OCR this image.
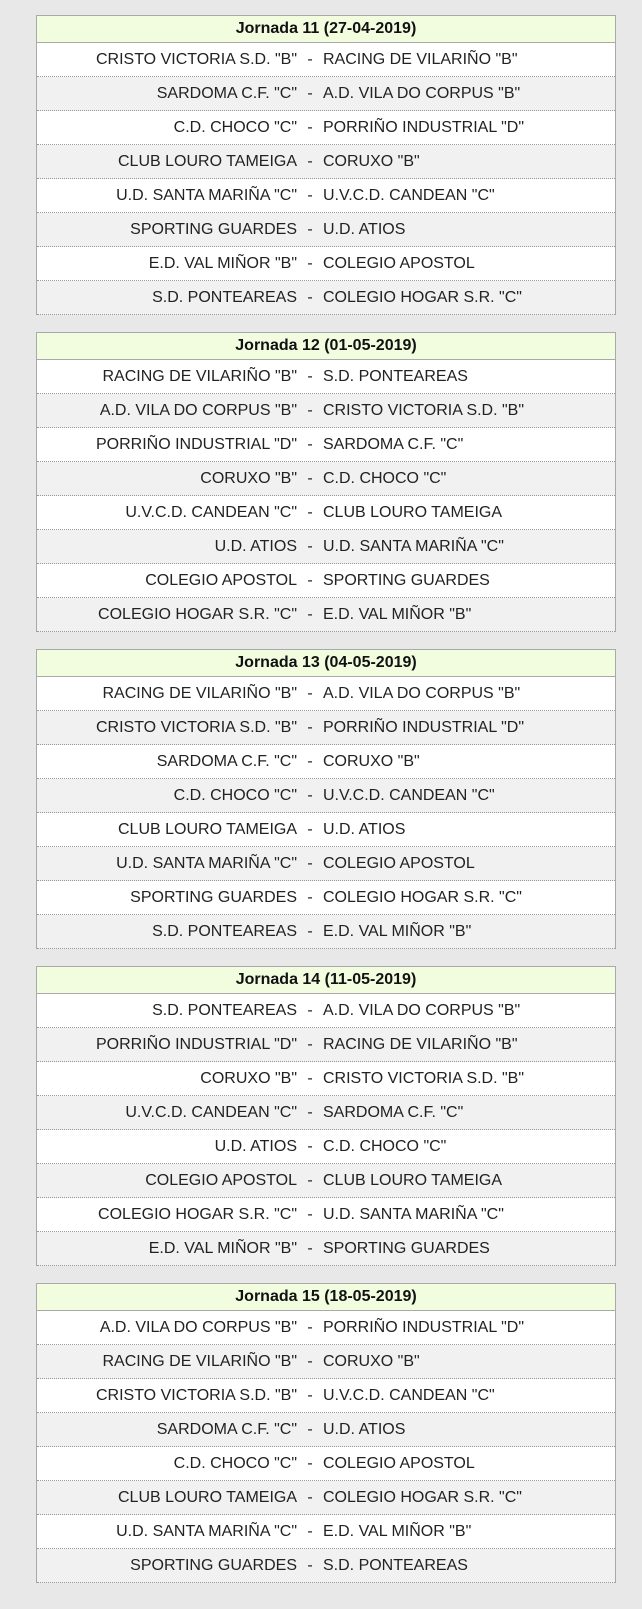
Jornada 11 (27-04-2019)
CRISTO VICTORIA S.D. "B" - RACING DE VILARIÑO "B"
SARDOMA C.F. "C" - A.D. VILA DO CORPUS "B"
C.D. CHOCO "C" - PORRIÑO INDUSTRIAL "D"
CLUB LOURO TAMEIGA - CORUXO "B"
U.D. SANTA MARIÑA "C" - U.V.C.D. CANDEAN "C"
SPORTING GUARDES - U.D. ATIOS
E.D. VAL MIÑOR "B" - COLEGIO APOSTOL
S.D. PONTEAREAS - COLEGIO HOGAR S.R. "C"
Jornada 12 (01-05-2019)
RACING DE VILARIÑO "B" - S.D. PONTEAREAS
A.D. VILA DO CORPUS "B" - CRISTO VICTORIA S.D. "B"
PORRIÑO INDUSTRIAL "D" - SARDOMA C.F. "C"
CORUXO "B" - C.D. CHOCO "C"
U.V.C.D. CANDEAN "C" - CLUB LOURO TAMEIGA
U.D. ATIOS - U.D. SANTA MARIÑA "C"
COLEGIO APOSTOL - SPORTING GUARDES
COLEGIO HOGAR S.R. "C" - E.D. VAL MIÑOR "B"
Jornada 13 (04-05-2019)
RACING DE VILARIÑO "B" - A.D. VILA DO CORPUS "B"
CRISTO VICTORIA S.D. "B" - PORRIÑO INDUSTRIAL "D"
SARDOMA C.F. "C" - CORUXO "B"
C.D. CHOCO "C" - U.V.C.D. CANDEAN "C"
CLUB LOURO TAMEIGA - U.D. ATIOS
U.D. SANTA MARIÑA "C" - COLEGIO APOSTOL
SPORTING GUARDES - COLEGIO HOGAR S.R. "C"
S.D. PONTEAREAS - E.D. VAL MIÑOR "B"
Jornada 14 (11-05-2019)
S.D. PONTEAREAS - A.D. VILA DO CORPUS "B"
PORRIÑO INDUSTRIAL "D" - RACING DE VILARIÑO "B"
CORUXO "B" - CRISTO VICTORIA S.D. "B"
U.V.C.D. CANDEAN "C" - SARDOMA C.F. "C"
U.D. ATIOS - C.D. CHOCO "C"
COLEGIO APOSTOL - CLUB LOURO TAMEIGA
COLEGIO HOGAR S.R. "C" - U.D. SANTA MARIÑA "C"
E.D. VAL MIÑOR "B" - SPORTING GUARDES
Jornada 15 (18-05-2019)
A.D. VILA DO CORPUS "B" - PORRIÑO INDUSTRIAL "D"
RACING DE VILARIÑO "B" - CORUXO "B"
CRISTO VICTORIA S.D. "B" - U.V.C.D. CANDEAN "C"
SARDOMA C.F. "C" - U.D. ATIOS
C.D. CHOCO "C" - COLEGIO APOSTOL
CLUB LOURO TAMEIGA - COLEGIO HOGAR S.R. "C"
U.D. SANTA MARIÑA "C" - E.D. VAL MIÑOR "B"
SPORTING GUARDES - S.D. PONTEAREAS
